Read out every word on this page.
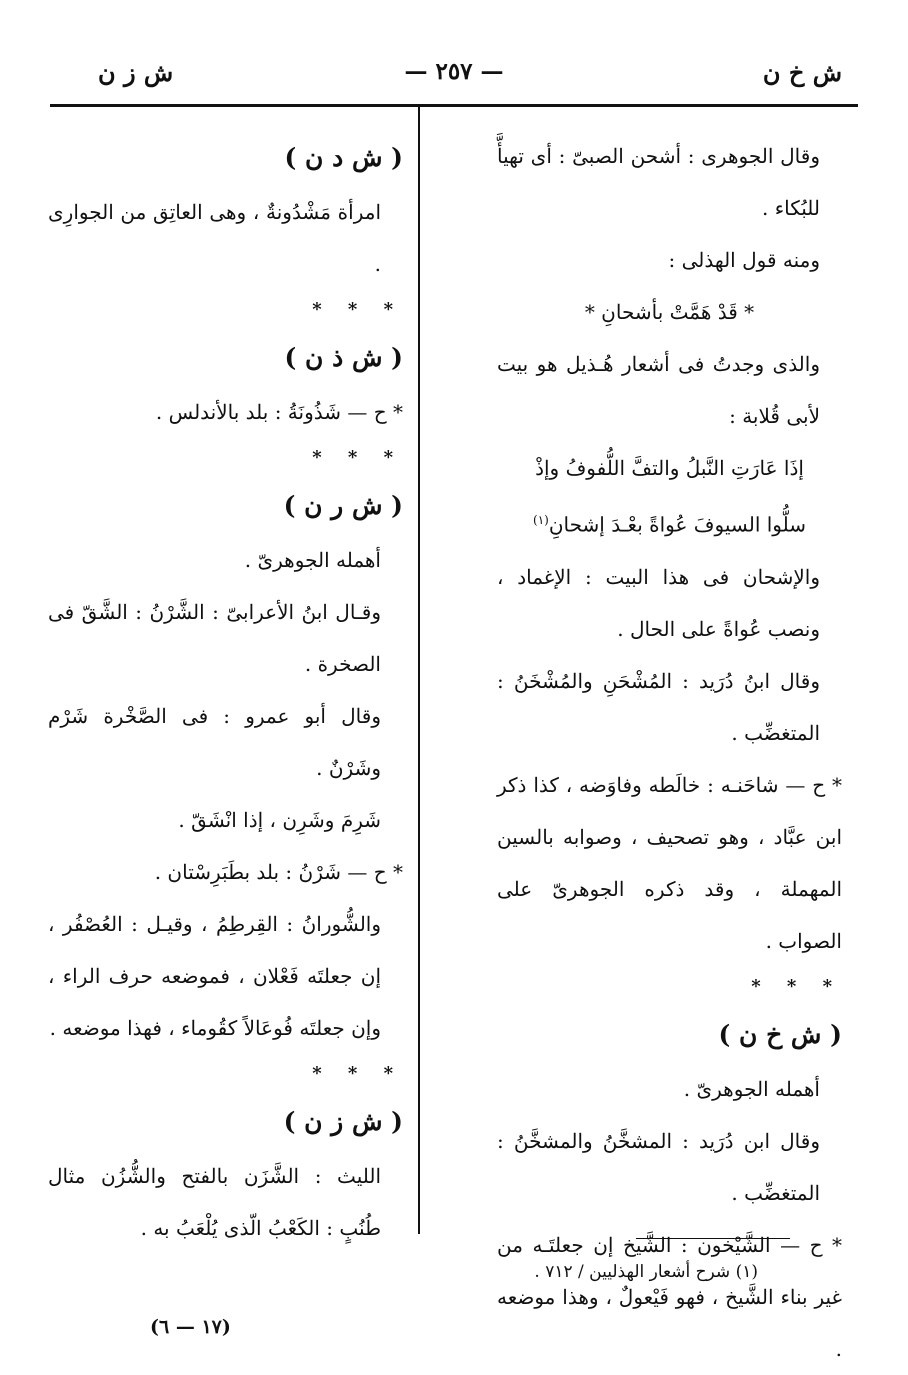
ش خ ن
— ٢٥٧ —
ش ز ن

وقال الجوهرى : أشحن الصبىّ : أى تهيأَّ للبُكاء .

ومنه قول الهذلى :

* قَدْ هَمَّتْ بأشحانِ *

والذى وجدتُ فى أشعار هُـذيل هو بيت لأبى قُلابة :

إذَا عَارَتِ النَّبلُ والتفَّ اللُّفوفُ وإذْ

سلُّوا السيوفَ عُواةً بعْـدَ إشحانِ$^{(١)}$

والإشحان فى هذا البيت : الإغماد ، ونصب عُواةً على الحال .

وقال ابنُ دُرَيد : المُشْحَنِ والمُشْخَنُ : المتغضِّب .

* ح — شاحَنـه : خالَطه وفاوَضه ، كذا ذكر ابن عبَّاد ، وهو تصحيف ، وصوابه بالسين المهملة ، وقد ذكره الجوهرىّ على الصواب .

* * *

( ش خ ن )

أهمله الجوهرىّ .

وقال ابن دُرَيد : المشخَّنُ والمشخَّنُ : المتغضِّب .

* ح — الشَّيْخون : الشَّيخ إن جعلتَـه من غير بناء الشَّيخ ، فهو فَيْعولٌ ، وهذا موضعه .

( ش د ن )

امرأة مَشْدُونةٌ ، وهى العاتِق من الجوارِى .

* * *

( ش ذ ن )

* ح — شَذُونَةُ : بلد بالأندلس .

* * *

( ش ر ن )

أهمله الجوهرىّ .

وقـال ابنُ الأعرابىّ : الشَّرْنُ : الشَّقّ فى الصخرة .

وقال أبو عمرو : فى الصَّخْرة شَرْم وشَرْنٌ .

شَرِمَ وشَرِن ، إذا انْشَقّ .

* ح — شَرْنُ : بلد بطَبَرِسْتان .

والشُّورانُ : القِرطِمُ ، وقيـل : العُصْفُر ، إن جعلتَه فَعْلان ، فموضعه حرف الراء ، وإن جعلتَه فُوعَالاً كقُوماء ، فهذا موضعه .

* * *

( ش ز ن )

الليث : الشَّزَن بالفتح والشُّزُن مثال طُنُبٍ : الكَعْبُ الّذى يُلْعَبُ به .

(١) شرح أشعار الهذليين / ٧١٢ .
(١٧ — ٦)
